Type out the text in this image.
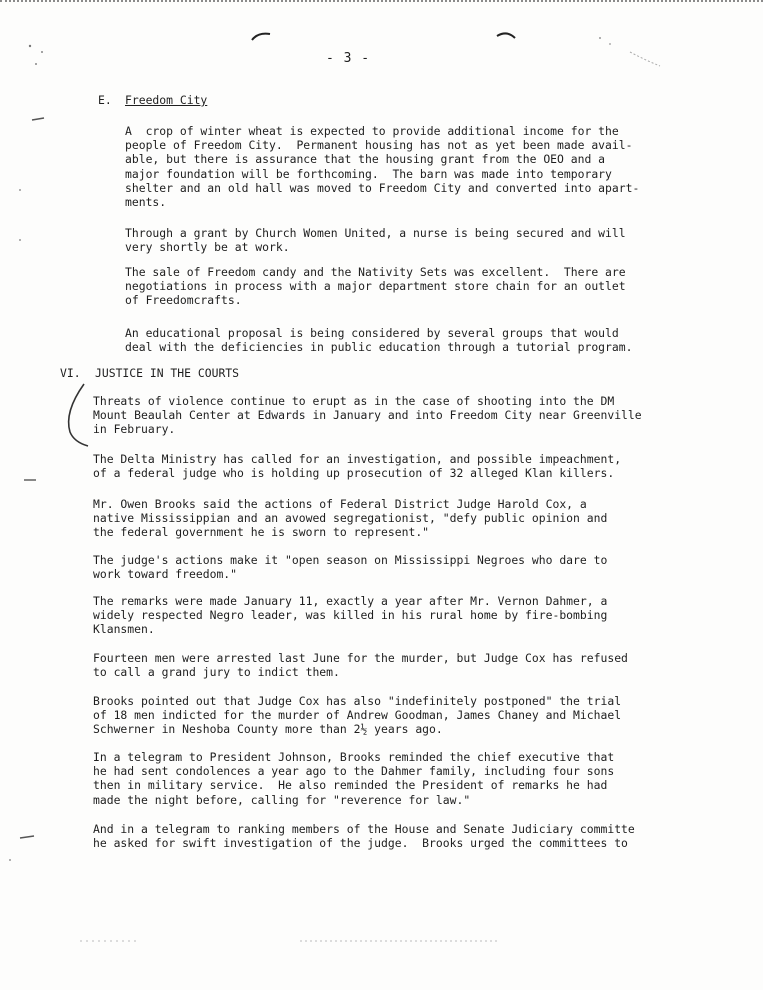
- 3 -
E. Freedom City

A  crop of winter wheat is expected to provide additional income for the
people of Freedom City.  Permanent housing has not as yet been made avail-
able, but there is assurance that the housing grant from the OEO and a
major foundation will be forthcoming.  The barn was made into temporary
shelter and an old hall was moved to Freedom City and converted into apart-
ments.

Through a grant by Church Women United, a nurse is being secured and will
very shortly be at work.

The sale of Freedom candy and the Nativity Sets was excellent.  There are
negotiations in process with a major department store chain for an outlet
of Freedomcrafts.

An educational proposal is being considered by several groups that would
deal with the deficiencies in public education through a tutorial program.

VI. JUSTICE IN THE COURTS

Threats of violence continue to erupt as in the case of shooting into the DM
Mount Beaulah Center at Edwards in January and into Freedom City near Greenville
in February.

The Delta Ministry has called for an investigation, and possible impeachment,
of a federal judge who is holding up prosecution of 32 alleged Klan killers.

Mr. Owen Brooks said the actions of Federal District Judge Harold Cox, a
native Mississippian and an avowed segregationist, "defy public opinion and
the federal government he is sworn to represent."

The judge's actions make it "open season on Mississippi Negroes who dare to
work toward freedom."

The remarks were made January 11, exactly a year after Mr. Vernon Dahmer, a
widely respected Negro leader, was killed in his rural home by fire-bombing
Klansmen.

Fourteen men were arrested last June for the murder, but Judge Cox has refused
to call a grand jury to indict them.

Brooks pointed out that Judge Cox has also "indefinitely postponed" the trial
of 18 men indicted for the murder of Andrew Goodman, James Chaney and Michael
Schwerner in Neshoba County more than 2½ years ago.

In a telegram to President Johnson, Brooks reminded the chief executive that
he had sent condolences a year ago to the Dahmer family, including four sons
then in military service.  He also reminded the President of remarks he had
made the night before, calling for "reverence for law."

And in a telegram to ranking members of the House and Senate Judiciary committe
he asked for swift investigation of the judge.  Brooks urged the committees to
